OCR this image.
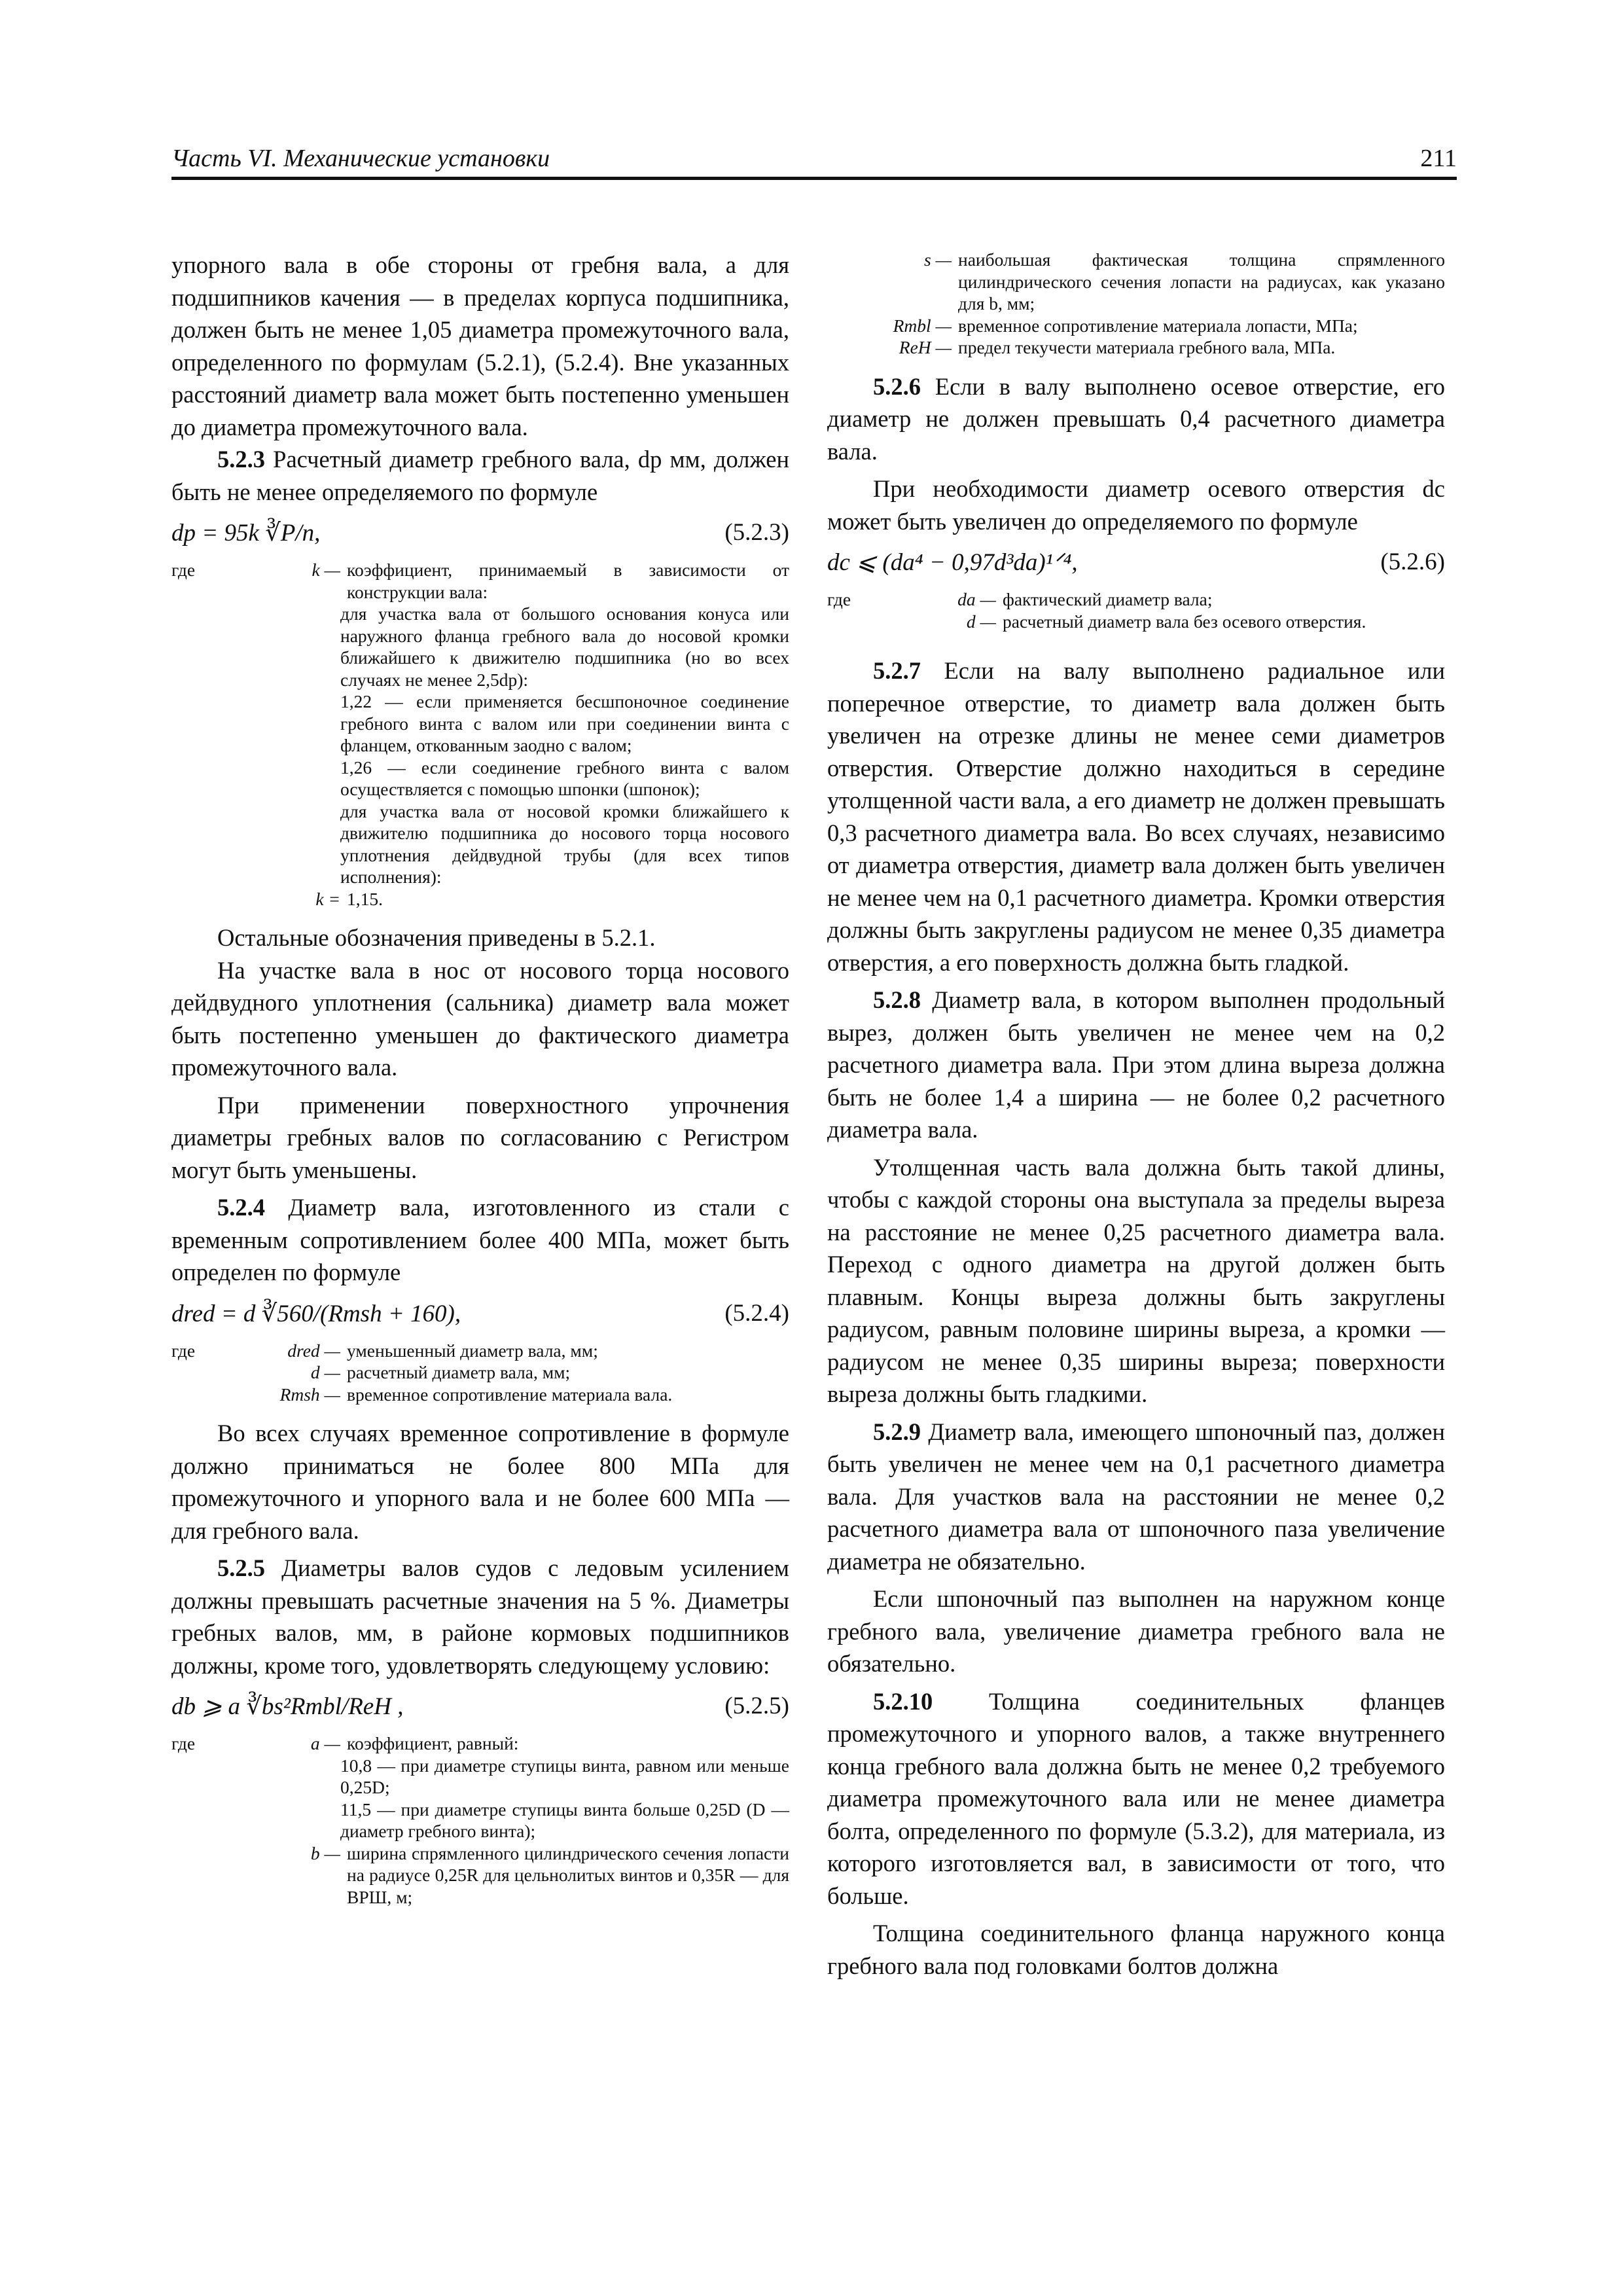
Часть VI. Механические установки	211

упорного вала в обе стороны от гребня вала, а для подшипников качения — в пределах корпуса подшипника, должен быть не менее 1,05 диаметра промежуточного вала, определенного по формулам (5.2.1), (5.2.4). Вне указанных расстояний диаметр вала может быть постепенно уменьшен до диаметра промежуточного вала.

5.2.3 Расчетный диаметр гребного вала, dp мм, должен быть не менее определяемого по формуле

dp = 95k ∛P/n,	(5.2.3)
где	k — коэффициент, принимаемый в зависимости от конструкции вала:
для участка вала от большого основания конуса или наружного фланца гребного вала до носовой кромки ближайшего к движителю подшипника (но во всех случаях не менее 2,5dp):
1,22 — если применяется бесшпоночное соединение гребного винта с валом или при соединении винта с фланцем, откованным заодно с валом;
1,26 — если соединение гребного винта с валом осуществляется с помощью шпонки (шпонок);
для участка вала от носовой кромки ближайшего к движителю подшипника до носового торца носового уплотнения дейдвудной трубы (для всех типов исполнения):
k = 1,15.

Остальные обозначения приведены в 5.2.1.

На участке вала в нос от носового торца носового дейдвудного уплотнения (сальника) диаметр вала может быть постепенно уменьшен до фактического диаметра промежуточного вала.

При применении поверхностного упрочнения диаметры гребных валов по согласованию с Регистром могут быть уменьшены.

5.2.4 Диаметр вала, изготовленного из стали с временным сопротивлением более 400 МПа, может быть определен по формуле

dred = d ∛560/(Rmsh + 160),	(5.2.4)
где	dred — уменьшенный диаметр вала, мм;
d — расчетный диаметр вала, мм;
Rmsh — временное сопротивление материала вала.

Во всех случаях временное сопротивление в формуле должно приниматься не более 800 МПа для промежуточного и упорного вала и не более 600 МПа — для гребного вала.

5.2.5 Диаметры валов судов с ледовым усилением должны превышать расчетные значения на 5 %. Диаметры гребных валов, мм, в районе кормовых подшипников должны, кроме того, удовлетворять следующему условию:

db ⩾ a ∛bs²Rmbl/ReH ,	(5.2.5)
где	a — коэффициент, равный:
10,8 — при диаметре ступицы винта, равном или меньше 0,25D;
11,5 — при диаметре ступицы винта больше 0,25D (D — диаметр гребного винта);
b — ширина спрямленного цилиндрического сечения лопасти на радиусе 0,25R для цельнолитых винтов и 0,35R — для ВРШ, м;
s — наибольшая фактическая толщина спрямленного цилиндрического сечения лопасти на радиусах, как указано для b, мм;
Rmbl — временное сопротивление материала лопасти, МПа;
ReH — предел текучести материала гребного вала, МПа.

5.2.6 Если в валу выполнено осевое отверстие, его диаметр не должен превышать 0,4 расчетного диаметра вала.

При необходимости диаметр осевого отверстия dc может быть увеличен до определяемого по формуле

dc ⩽ (da⁴ − 0,97d³da)¹ᐟ⁴,	(5.2.6)
где	da — фактический диаметр вала;
d — расчетный диаметр вала без осевого отверстия.

5.2.7 Если на валу выполнено радиальное или поперечное отверстие, то диаметр вала должен быть увеличен на отрезке длины не менее семи диаметров отверстия. Отверстие должно находиться в середине утолщенной части вала, а его диаметр не должен превышать 0,3 расчетного диаметра вала. Во всех случаях, независимо от диаметра отверстия, диаметр вала должен быть увеличен не менее чем на 0,1 расчетного диаметра. Кромки отверстия должны быть закруглены радиусом не менее 0,35 диаметра отверстия, а его поверхность должна быть гладкой.

5.2.8 Диаметр вала, в котором выполнен продольный вырез, должен быть увеличен не менее чем на 0,2 расчетного диаметра вала. При этом длина выреза должна быть не более 1,4 а ширина — не более 0,2 расчетного диаметра вала.

Утолщенная часть вала должна быть такой длины, чтобы с каждой стороны она выступала за пределы выреза на расстояние не менее 0,25 расчетного диаметра вала. Переход с одного диаметра на другой должен быть плавным. Концы выреза должны быть закруглены радиусом, равным половине ширины выреза, а кромки — радиусом не менее 0,35 ширины выреза; поверхности выреза должны быть гладкими.

5.2.9 Диаметр вала, имеющего шпоночный паз, должен быть увеличен не менее чем на 0,1 расчетного диаметра вала. Для участков вала на расстоянии не менее 0,2 расчетного диаметра вала от шпоночного паза увеличение диаметра не обязательно.

Если шпоночный паз выполнен на наружном конце гребного вала, увеличение диаметра гребного вала не обязательно.

5.2.10 Толщина соединительных фланцев промежуточного и упорного валов, а также внутреннего конца гребного вала должна быть не менее 0,2 требуемого диаметра промежуточного вала или не менее диаметра болта, определенного по формуле (5.3.2), для материала, из которого изготовляется вал, в зависимости от того, что больше.

Толщина соединительного фланца наружного конца гребного вала под головками болтов должна
